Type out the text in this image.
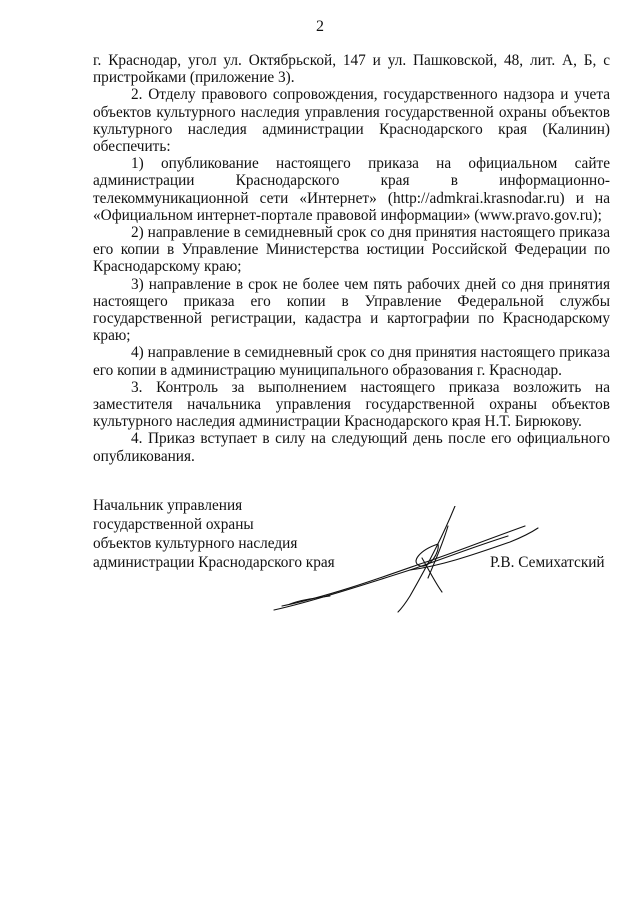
2

г. Краснодар, угол ул. Октябрьской, 147 и ул. Пашковской, 48, лит. А, Б, с пристройками (приложение 3).

2. Отделу правового сопровождения, государственного надзора и учета объектов культурного наследия управления государственной охраны объектов культурного наследия администрации Краснодарского края (Калинин) обеспечить:

1) опубликование настоящего приказа на официальном сайте администрации Краснодарского края в информационно-телекоммуникационной сети «Интернет» (http://admkrai.krasnodar.ru) и на «Официальном интернет-портале правовой информации» (www.pravo.gov.ru);

2) направление в семидневный срок со дня принятия настоящего приказа его копии в Управление Министерства юстиции Российской Федерации по Краснодарскому краю;

3) направление в срок не более чем пять рабочих дней со дня принятия настоящего приказа его копии в Управление Федеральной службы государственной регистрации, кадастра и картографии по Краснодарскому краю;

4) направление в семидневный срок со дня принятия настоящего приказа его копии в администрацию муниципального образования г. Краснодар.

3. Контроль за выполнением настоящего приказа возложить на заместителя начальника управления государственной охраны объектов культурного наследия администрации Краснодарского края Н.Т. Бирюкову.

4. Приказ вступает в силу на следующий день после его официального опубликования.

Начальник управления
государственной охраны
объектов культурного наследия
администрации Краснодарского края	Р.В. Семихатский
